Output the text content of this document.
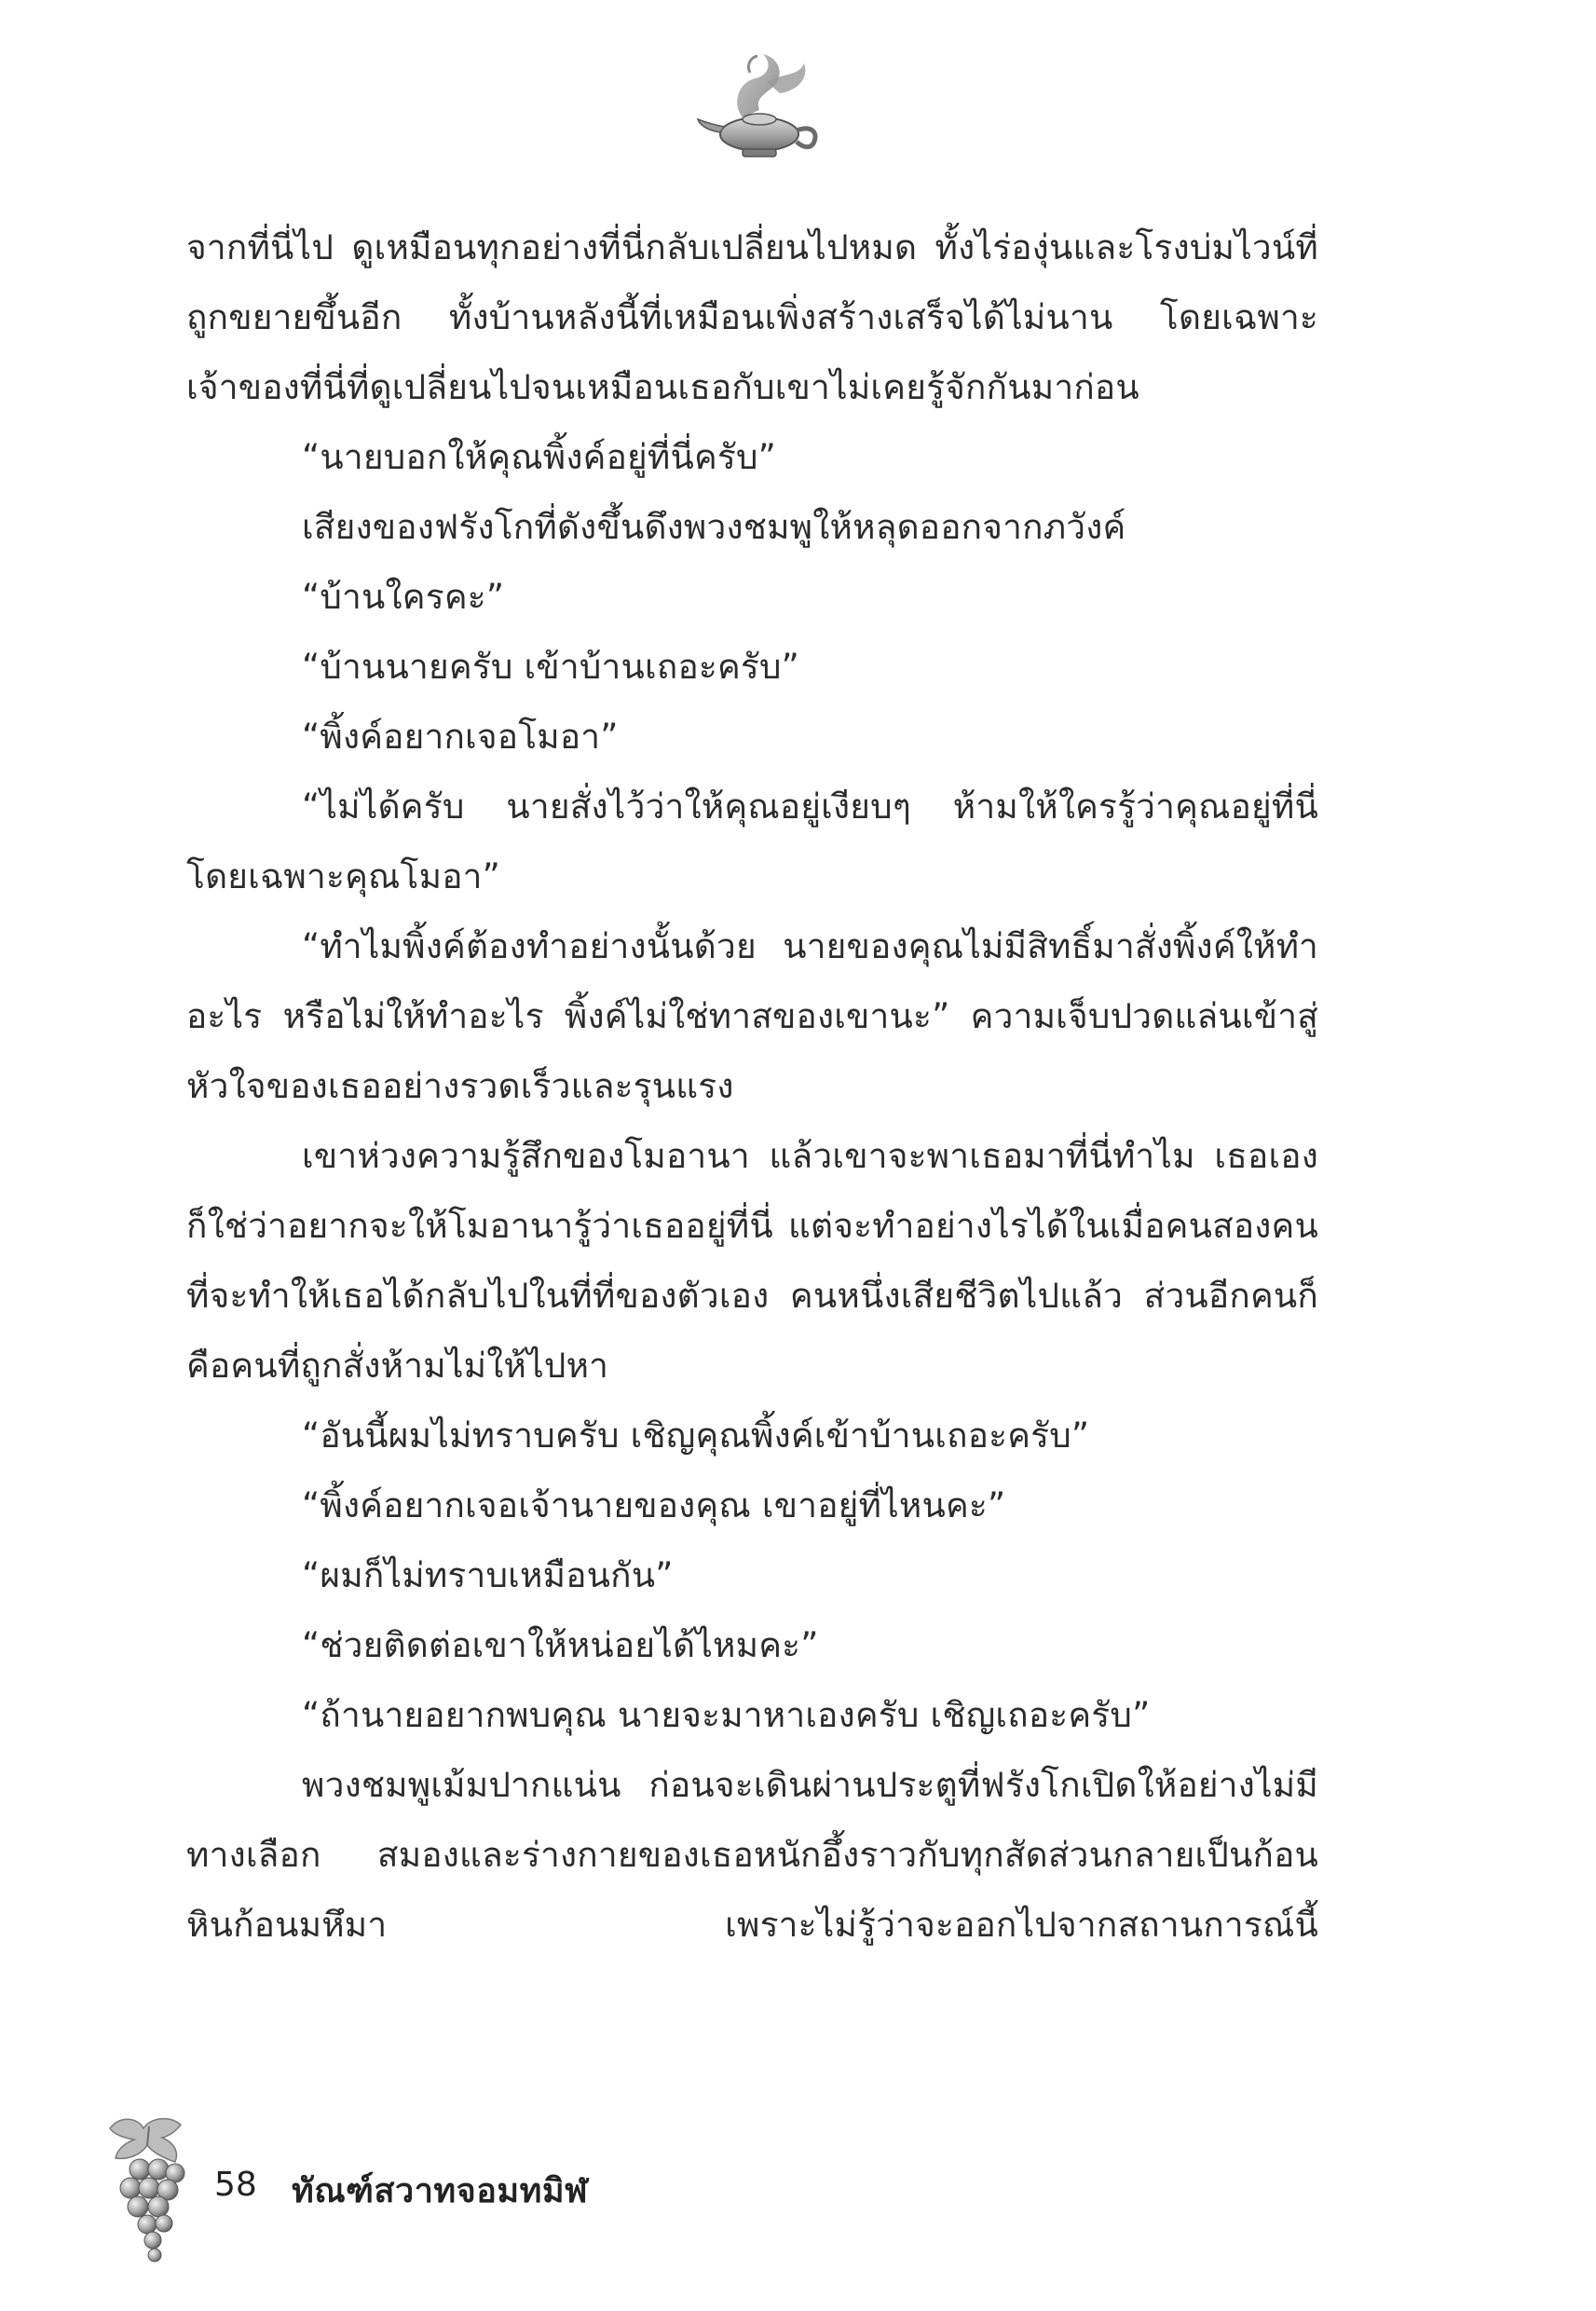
จากที่นี่ไป ดูเหมือนทุกอย่างที่นี่กลับเปลี่ยนไปหมด ทั้งไร่องุ่นและโรงบ่มไวน์ที่ถูกขยายขึ้นอีก ทั้งบ้านหลังนี้ที่เหมือนเพิ่งสร้างเสร็จได้ไม่นาน โดยเฉพาะเจ้าของที่นี่ที่ดูเปลี่ยนไปจนเหมือนเธอกับเขาไม่เคยรู้จักกันมาก่อน

“นายบอกให้คุณพิ้งค์อยู่ที่นี่ครับ”

เสียงของฟรังโกที่ดังขึ้นดึงพวงชมพูให้หลุดออกจากภวังค์

“บ้านใครคะ”

“บ้านนายครับ เข้าบ้านเถอะครับ”

“พิ้งค์อยากเจอโมอา”

“ไม่ได้ครับ นายสั่งไว้ว่าให้คุณอยู่เงียบๆ ห้ามให้ใครรู้ว่าคุณอยู่ที่นี่ โดยเฉพาะคุณโมอา”

“ทำไมพิ้งค์ต้องทำอย่างนั้นด้วย นายของคุณไม่มีสิทธิ์มาสั่งพิ้งค์ให้ทำอะไร หรือไม่ให้ทำอะไร พิ้งค์ไม่ใช่ทาสของเขานะ” ความเจ็บปวดแล่นเข้าสู่หัวใจของเธออย่างรวดเร็วและรุนแรง

เขาห่วงความรู้สึกของโมอานา แล้วเขาจะพาเธอมาที่นี่ทำไม เธอเองก็ใช่ว่าอยากจะให้โมอานารู้ว่าเธออยู่ที่นี่ แต่จะทำอย่างไรได้ในเมื่อคนสองคนที่จะทำให้เธอได้กลับไปในที่ที่ของตัวเอง คนหนึ่งเสียชีวิตไปแล้ว ส่วนอีกคนก็คือคนที่ถูกสั่งห้ามไม่ให้ไปหา

“อันนี้ผมไม่ทราบครับ เชิญคุณพิ้งค์เข้าบ้านเถอะครับ”

“พิ้งค์อยากเจอเจ้านายของคุณ เขาอยู่ที่ไหนคะ”

“ผมก็ไม่ทราบเหมือนกัน”

“ช่วยติดต่อเขาให้หน่อยได้ไหมคะ”

“ถ้านายอยากพบคุณ นายจะมาหาเองครับ เชิญเถอะครับ”

พวงชมพูเม้มปากแน่น ก่อนจะเดินผ่านประตูที่ฟรังโกเปิดให้อย่างไม่มีทางเลือก สมองและร่างกายของเธอหนักอึ้งราวกับทุกสัดส่วนกลายเป็นก้อนหินก้อนมหึมา เพราะไม่รู้ว่าจะออกไปจากสถานการณ์นี้

58 ทัณฑ์สวาทจอมทมิฬ
